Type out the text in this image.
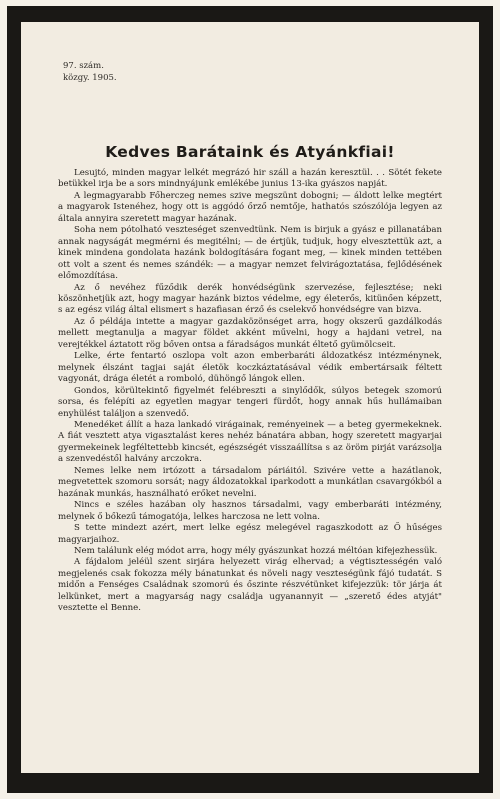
97. szám.
közgy. 1905.
Kedves Barátaink és Atyánkfiai!

Lesujtó, minden magyar lelkét megrázó hir száll a hazán keresztül. . . Sötét fekete betükkel irja be a sors mindnyájunk emlékébe junius 13-ika gyászos napját.

A legmagyarabb Főherczeg nemes szive megszünt dobogni; — áldott lelke megtért a magyarok Istenéhez, hogy ott is aggódó őrző nemtője, hathatós szószólója legyen az általa annyira szeretett magyar hazának.

Soha nem pótolható veszteséget szenvedtünk. Nem is birjuk a gyász e pillanatában annak nagyságát megmérni és megitélni; — de értjük, tudjuk, hogy elvesztettük azt, a kinek mindenа gondolata hazánk boldogítására fogant meg, — kinek minden tettében ott volt a szent és nemes szándék: — a magyar nemzet felvirágoztatása, fejlődésének előmozdítása.

Az ő nevéhez fűződik derék honvédségünk szervezése, fejlesztése; neki köszönhetjük azt, hogy magyar hazánk biztos védelme, egy életerős, kitünően képzett, s az egész világ által elismert s hazafiasan érző és cselekvő honvédségre van bizva.

Az ő példája intette a magyar gazdaközönséget arra, hogy okszerű gazdálkodás mellett megtanulja a magyar földet akként művelni, hogy a hajdani vetrel, na verejtékkel áztatott rög bőven ontsa a fáradságos munkát éltető gyümölcseit.

Lelke, érte fentartó oszlopa volt azon emberbaráti áldozatkész intézménynek, melynek élszánt tagjai saját életök koczkáztatásával védik embertársaik féltett vagyonát, drága életét a romboló, dühöngő lángok ellen.

Gondos, körültekintő figyelmét felébreszti a sinylődők, súlyos betegek szomorú sorsa, és felépíti az egyetlen magyar tengeri fürdőt, hogy annak hűs hullámaiban enyhülést találjon a szenvedő.

Menedéket állít a haza lankadó virágainak, reményeinek — a beteg gyermekeknek. A fiát vesztett atya vigasztalást keres nehéz bánatára abban, hogy szeretett magyarjai gyermekeinek legféltettebb kincsét, egészségét visszaállítsa s az öröm pirját varázsolja a szenvedéstől halvány arczokra.

Nemes lelke nem irtózott a társadalom páriáitól. Szivére vette a hazátlanok, megvetettek szomoru sorsát; nagy áldozatokkal iparkodott a munkátlan csavargókból a hazának munkás, használható erőket nevelni.

Nincs e széles hazában oly hasznos társadalmi, vagy emberbaráti intézmény, melynek ő bőkezű támogatója, lelkes harczosa ne lett volna.

S tette mindezt azért, mert lelke egész melegével ragaszkodott az Ő hűséges magyarjaihoz.

Nem találunk elég módot arra, hogy mély gyászunkat hozzá méltóan kifejezhessük.

A fájdalom jeléül szent sirjára helyezett virág elhervad; a végtisztességén való megjelenés csak fokozza mély bánatunkat és növeli nagy veszteségünk fájó tudatát. S midőn a Fenséges Családnak szomorú és őszinte részvétünket kifejezzük: tör járja át lelkünket, mert a magyarság nagy családja ugyanannyit — „szerető édes atyját" vesztette el Benne.
